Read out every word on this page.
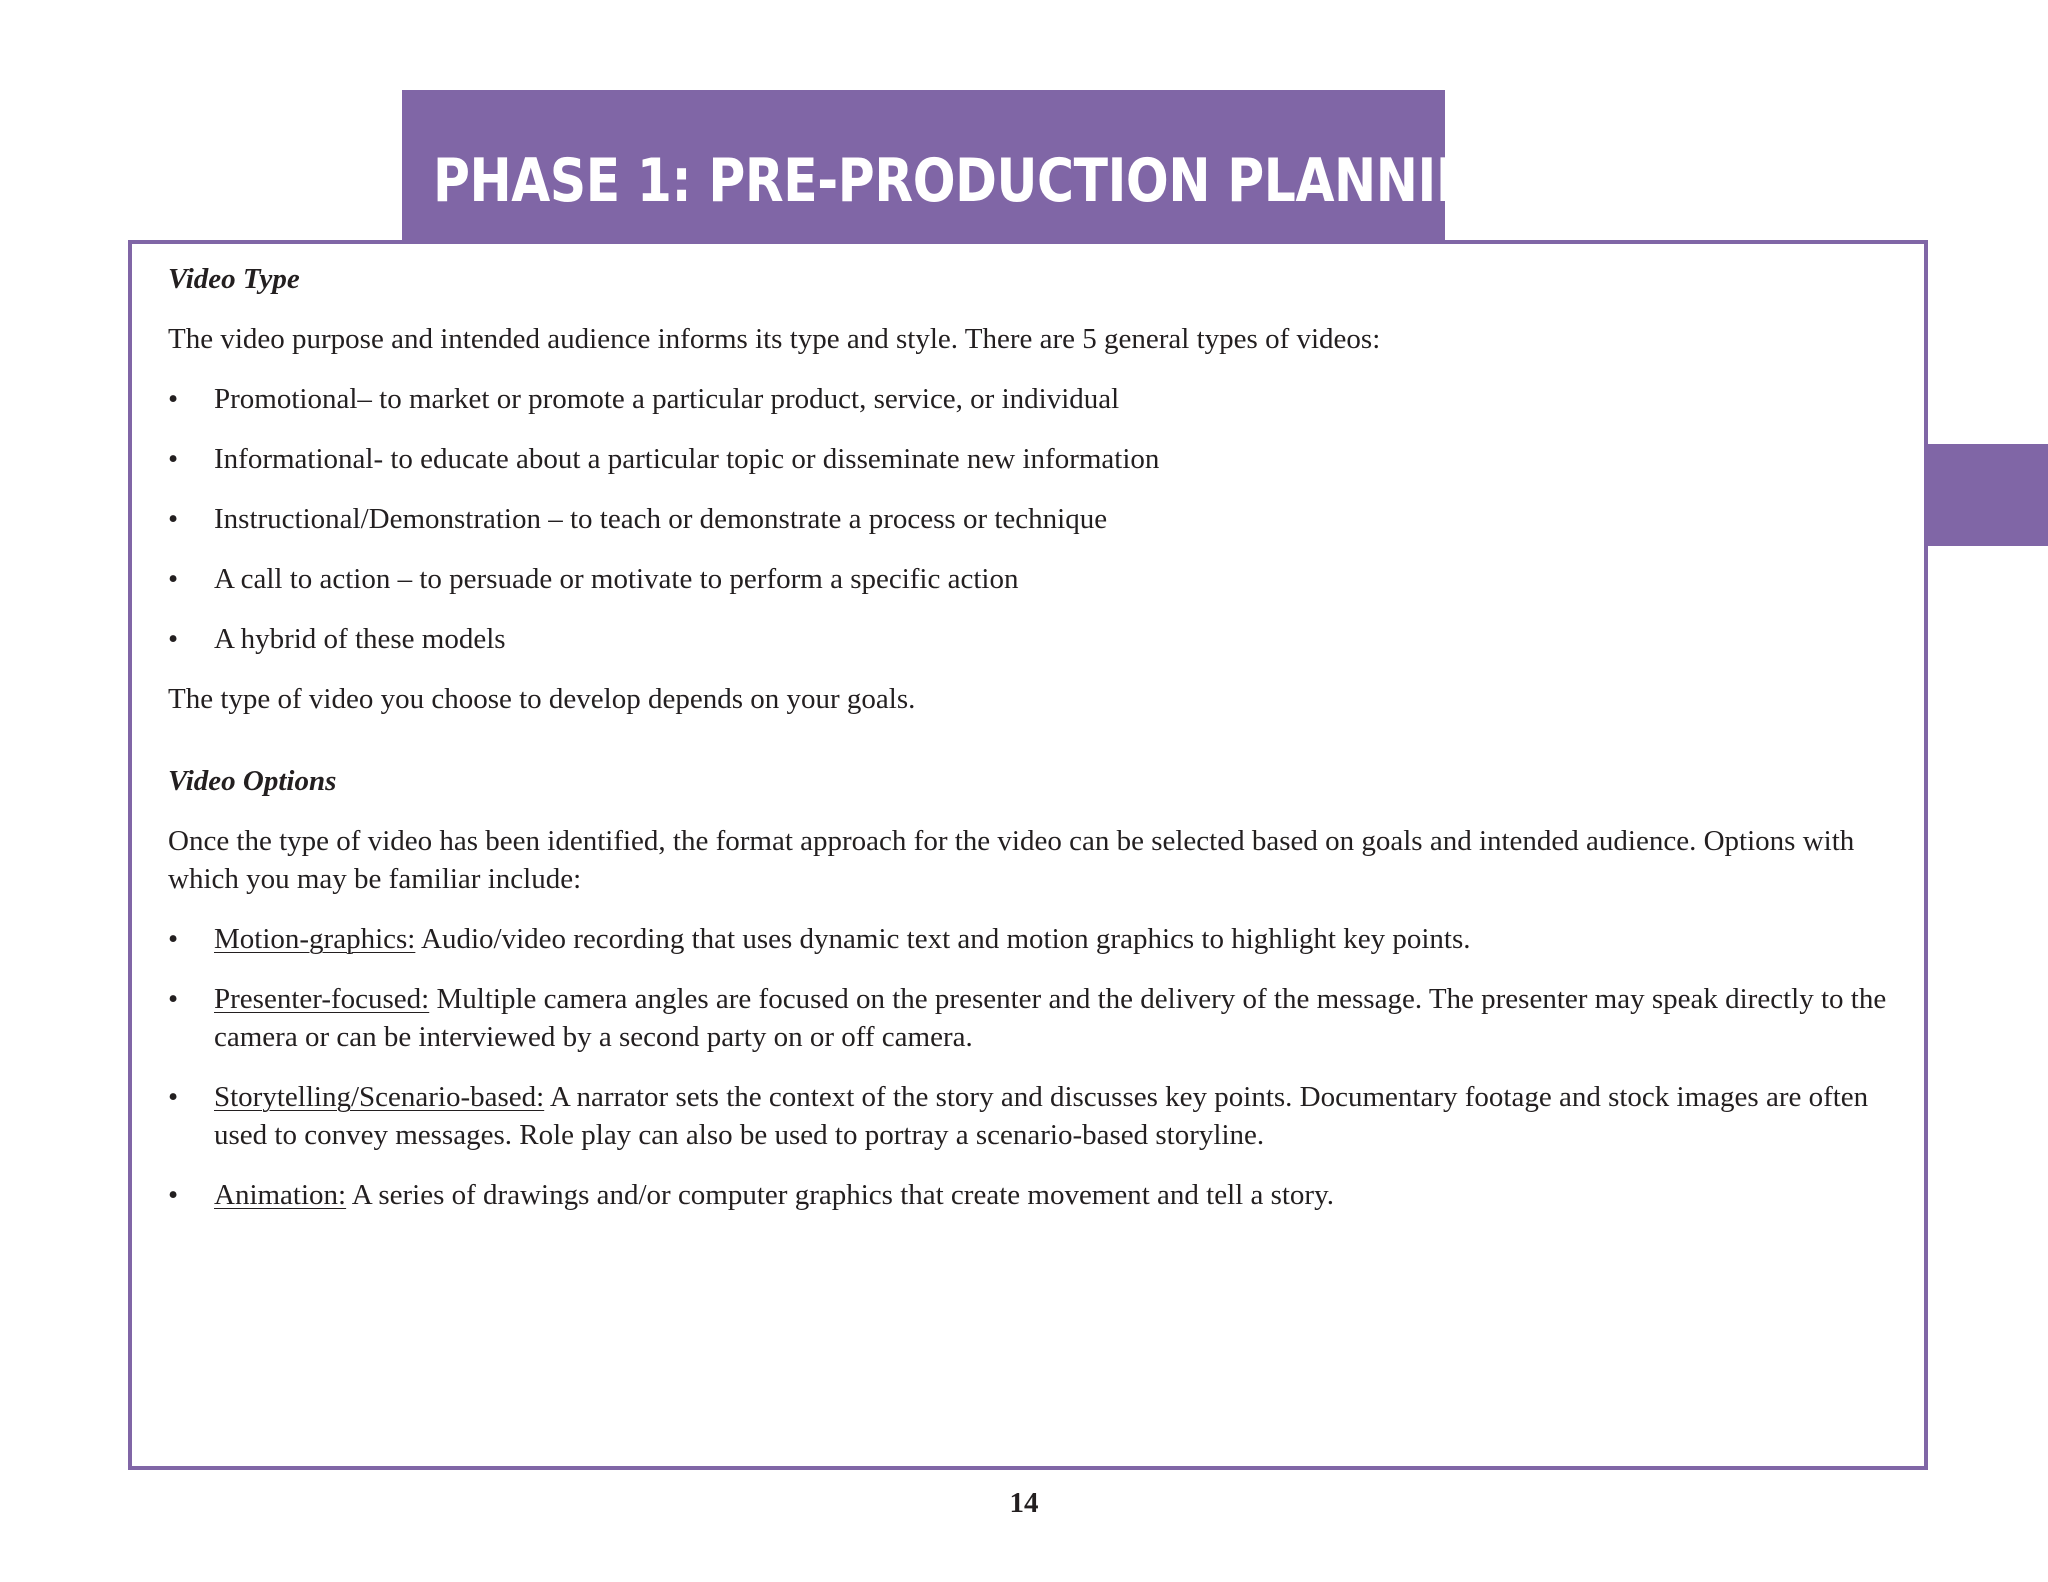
PHASE 1: PRE-PRODUCTION PLANNING

Video Type

The video purpose and intended audience informs its type and style. There are 5 general types of videos:

• Promotional– to market or promote a particular product, service, or individual
• Informational- to educate about a particular topic or disseminate new information
• Instructional/Demonstration – to teach or demonstrate a process or technique
• A call to action – to persuade or motivate to perform a specific action
• A hybrid of these models

The type of video you choose to develop depends on your goals.

Video Options

Once the type of video has been identified, the format approach for the video can be selected based on goals and intended audience. Options with which you may be familiar include:

• Motion-graphics: Audio/video recording that uses dynamic text and motion graphics to highlight key points.
• Presenter-focused: Multiple camera angles are focused on the presenter and the delivery of the message. The presenter may speak directly to the camera or can be interviewed by a second party on or off camera.
• Storytelling/Scenario-based: A narrator sets the context of the story and discusses key points. Documentary footage and stock images are often used to convey messages. Role play can also be used to portray a scenario-based storyline.
• Animation: A series of drawings and/or computer graphics that create movement and tell a story.
14
